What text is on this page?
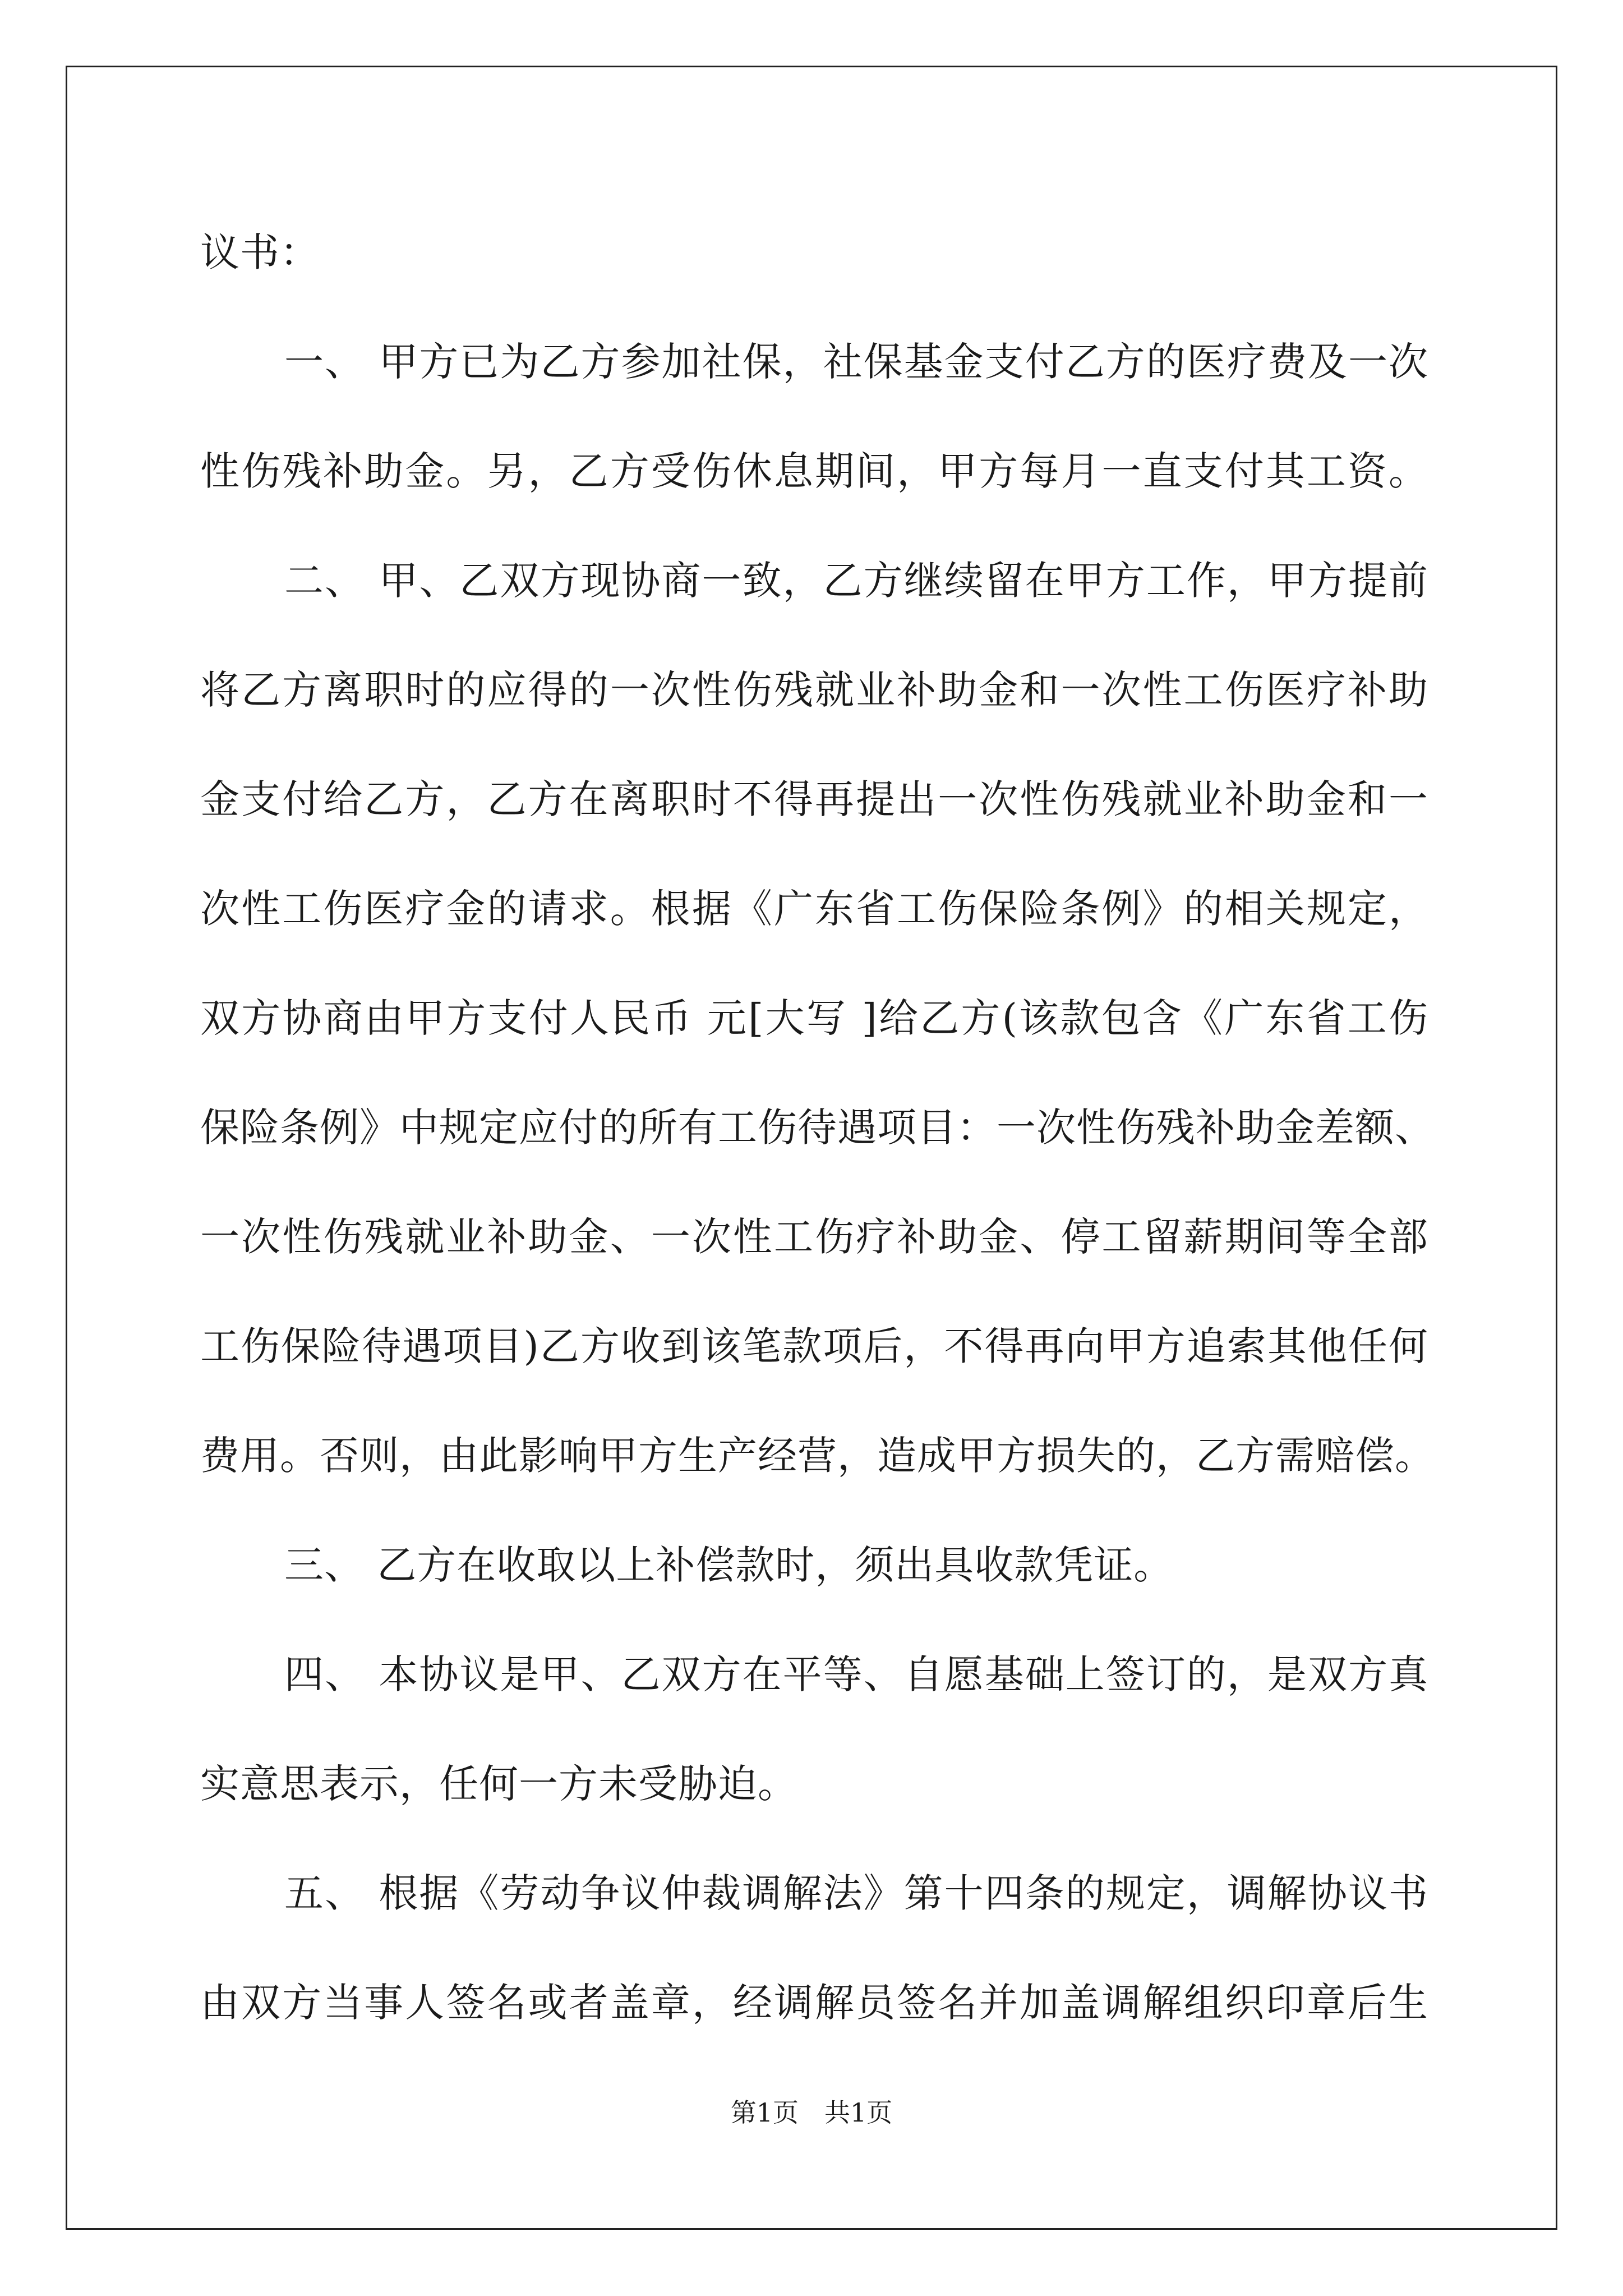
议书：
一、 甲方已为乙方参加社保，社保基金支付乙方的医疗费及一次
性伤残补助金。另，乙方受伤休息期间，甲方每月一直支付其工资。
二、 甲、乙双方现协商一致，乙方继续留在甲方工作，甲方提前
将乙方离职时的应得的一次性伤残就业补助金和一次性工伤医疗补助
金支付给乙方，乙方在离职时不得再提出一次性伤残就业补助金和一
次性工伤医疗金的请求。根据《广东省工伤保险条例》的相关规定，
双方协商由甲方支付人民币 元[大写 ]给乙方(该款包含《广东省工伤
保险条例》中规定应付的所有工伤待遇项目：一次性伤残补助金差额、
一次性伤残就业补助金、一次性工伤疗补助金、停工留薪期间等全部
工伤保险待遇项目)乙方收到该笔款项后，不得再向甲方追索其他任何
费用。否则，由此影响甲方生产经营，造成甲方损失的，乙方需赔偿。
三、 乙方在收取以上补偿款时，须出具收款凭证。
四、 本协议是甲、乙双方在平等、自愿基础上签订的，是双方真
实意思表示，任何一方未受胁迫。
五、 根据《劳动争议仲裁调解法》第十四条的规定，调解协议书
由双方当事人签名或者盖章，经调解员签名并加盖调解组织印章后生
第1页　共1页
